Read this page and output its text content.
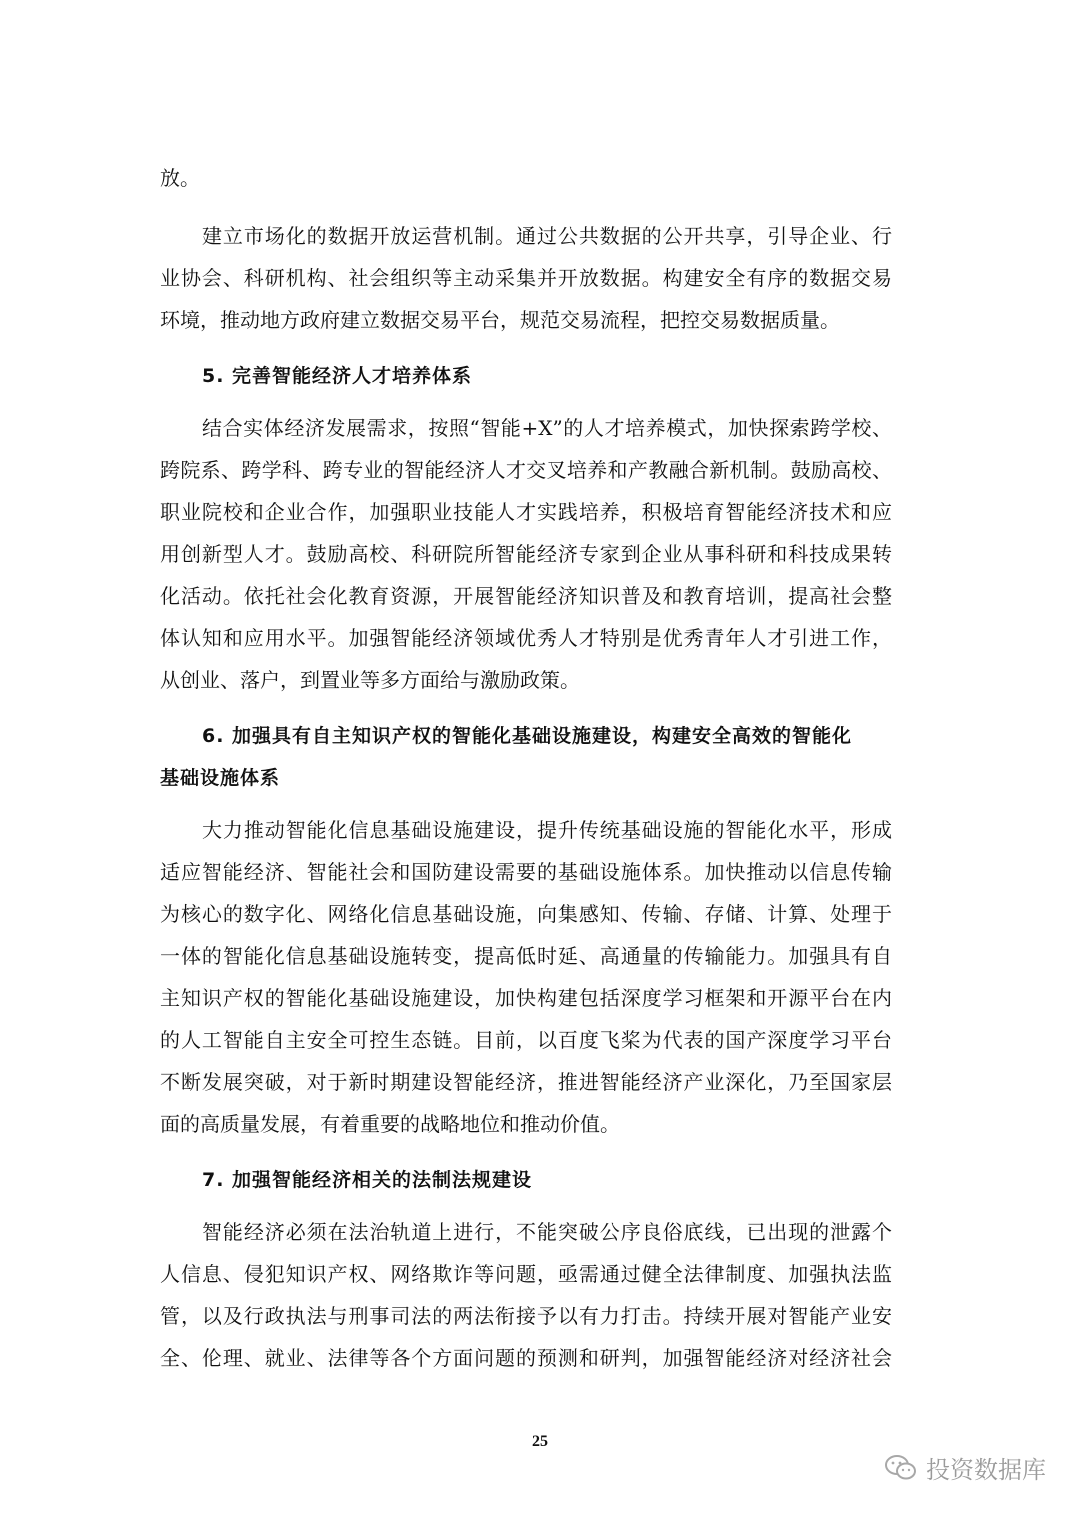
放。
建立市场化的数据开放运营机制。通过公共数据的公开共享，引导企业、行
业协会、科研机构、社会组织等主动采集并开放数据。构建安全有序的数据交易
环境，推动地方政府建立数据交易平台，规范交易流程，把控交易数据质量。
5. 完善智能经济人才培养体系
结合实体经济发展需求，按照“智能+X”的人才培养模式，加快探索跨学校、
跨院系、跨学科、跨专业的智能经济人才交叉培养和产教融合新机制。鼓励高校、
职业院校和企业合作，加强职业技能人才实践培养，积极培育智能经济技术和应
用创新型人才。鼓励高校、科研院所智能经济专家到企业从事科研和科技成果转
化活动。依托社会化教育资源，开展智能经济知识普及和教育培训，提高社会整
体认知和应用水平。加强智能经济领域优秀人才特别是优秀青年人才引进工作，
从创业、落户，到置业等多方面给与激励政策。
6. 加强具有自主知识产权的智能化基础设施建设，构建安全高效的智能化
基础设施体系
大力推动智能化信息基础设施建设，提升传统基础设施的智能化水平，形成
适应智能经济、智能社会和国防建设需要的基础设施体系。加快推动以信息传输
为核心的数字化、网络化信息基础设施，向集感知、传输、存储、计算、处理于
一体的智能化信息基础设施转变，提高低时延、高通量的传输能力。加强具有自
主知识产权的智能化基础设施建设，加快构建包括深度学习框架和开源平台在内
的人工智能自主安全可控生态链。目前，以百度飞桨为代表的国产深度学习平台
不断发展突破，对于新时期建设智能经济，推进智能经济产业深化，乃至国家层
面的高质量发展，有着重要的战略地位和推动价值。
7. 加强智能经济相关的法制法规建设
智能经济必须在法治轨道上进行，不能突破公序良俗底线，已出现的泄露个
人信息、侵犯知识产权、网络欺诈等问题，亟需通过健全法律制度、加强执法监
管，以及行政执法与刑事司法的两法衔接予以有力打击。持续开展对智能产业安
全、伦理、就业、法律等各个方面问题的预测和研判，加强智能经济对经济社会
25
投资数据库
